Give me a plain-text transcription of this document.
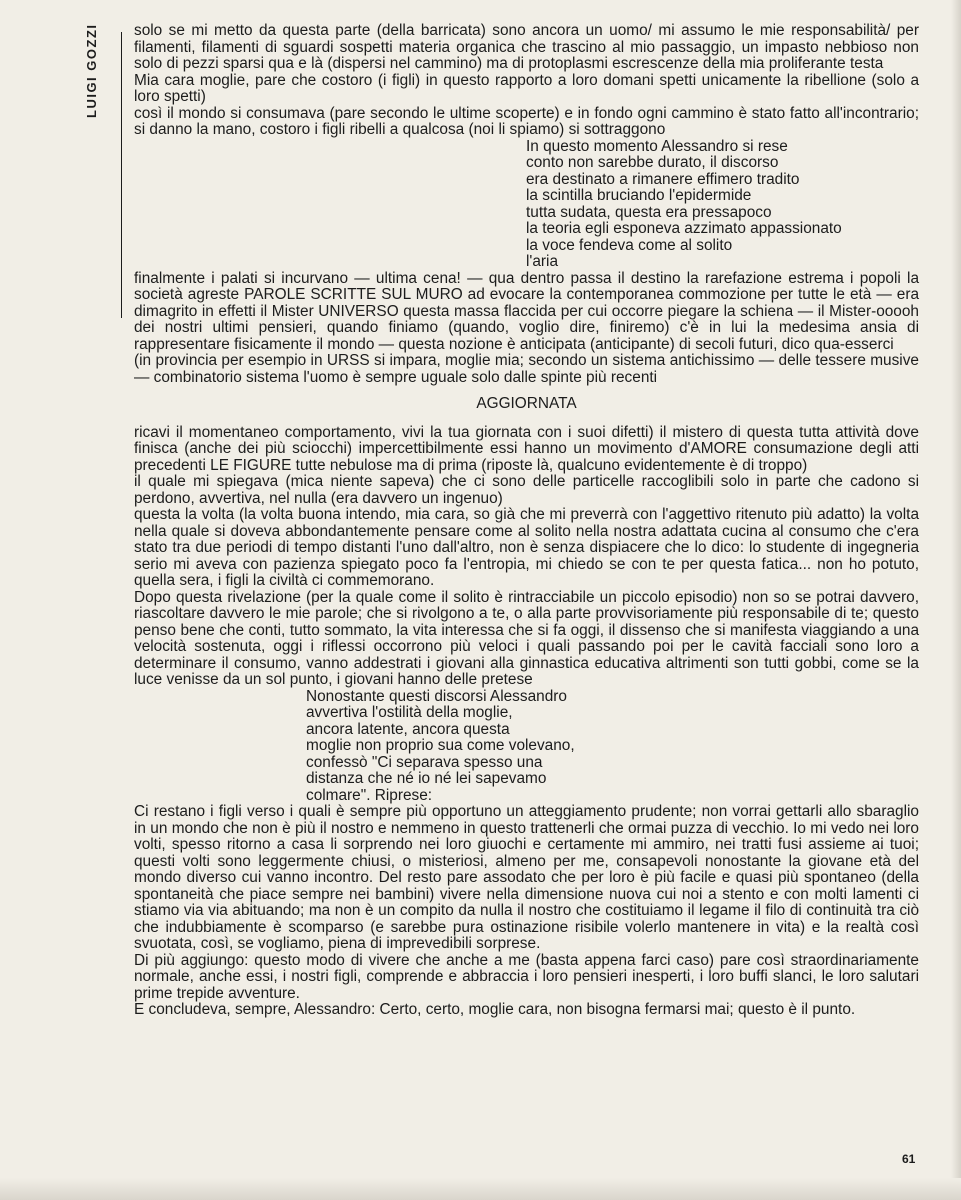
LUIGI GOZZI solo se mi metto da questa parte (della barricata) sono ancora un uomo/ mi assumo le mie responsabilità/ per filamenti, filamenti di sguardi sospetti materia organica che trascino al mio passaggio, un impasto nebbioso non solo di pezzi sparsi qua e là (dispersi nel cammino) ma di protoplasmi escrescenze della mia proliferante testa

Mia cara moglie, pare che costoro (i figli) in questo rapporto a loro domani spetti unicamente la ribellione (solo a loro spetti)

così il mondo si consumava (pare secondo le ultime scoperte) e in fondo ogni cammino è stato fatto all'incontrario; si danno la mano, costoro i figli ribelli a qualcosa (noi li spiamo) si sottraggono

In questo momento Alessandro si rese

conto non sarebbe durato, il discorso

era destinato a rimanere effimero tradito

la scintilla bruciando l'epidermide

tutta sudata, questa era pressapoco

la teoria egli esponeva azzimato appassionato

la voce fendeva come al solito

l'aria

finalmente i palati si incurvano — ultima cena! — qua dentro passa il destino la rarefazione estrema i popoli la società agreste PAROLE SCRITTE SUL MURO ad evocare la contemporanea commozione per tutte le età — era dimagrito in effetti il Mister UNIVERSO questa massa flaccida per cui occorre piegare la schiena — il Mister-ooooh dei nostri ultimi pensieri, quando finiamo (quando, voglio dire, finiremo) c'è in lui la medesima ansia di rappresentare fisicamente il mondo — questa nozione è anticipata (anticipante) di secoli futuri, dico qua-esserci

(in provincia per esempio in URSS si impara, moglie mia; secondo un sistema antichissimo — delle tessere musive — combinatorio sistema l'uomo è sempre uguale solo dalle spinte più recenti

AGGIORNATA

ricavi il momentaneo comportamento, vivi la tua giornata con i suoi difetti) il mistero di questa tutta attività dove finisca (anche dei più sciocchi) impercettibilmente essi hanno un movimento d'AMORE consumazione degli atti precedenti LE FIGURE tutte nebulose ma di prima (riposte là, qualcuno evidentemente è di troppo)

il quale mi spiegava (mica niente sapeva) che ci sono delle particelle raccoglibili solo in parte che cadono si perdono, avvertiva, nel nulla (era davvero un ingenuo)

questa la volta (la volta buona intendo, mia cara, so già che mi preverrà con l'aggettivo ritenuto più adatto) la volta nella quale si doveva abbondantemente pensare come al solito nella nostra adattata cucina al consumo che c'era stato tra due periodi di tempo distanti l'uno dall'altro, non è senza dispiacere che lo dico: lo studente di ingegneria serio mi aveva con pazienza spiegato poco fa l'entropia, mi chiedo se con te per questa fatica... non ho potuto, quella sera, i figli la civiltà ci commemorano.

Dopo questa rivelazione (per la quale come il solito è rintracciabile un piccolo episodio) non so se potrai davvero, riascoltare davvero le mie parole; che si rivolgono a te, o alla parte provvisoriamente più responsabile di te; questo penso bene che conti, tutto sommato, la vita interessa che si fa oggi, il dissenso che si manifesta viaggiando a una velocità sostenuta, oggi i riflessi occorrono più veloci i quali passando poi per le cavità facciali sono loro a determinare il consumo, vanno addestrati i giovani alla ginnastica educativa altrimenti son tutti gobbi, come se la luce venisse da un sol punto, i giovani hanno delle pretese

Nonostante questi discorsi Alessandro

avvertiva l'ostilità della moglie,

ancora latente, ancora questa

moglie non proprio sua come volevano,

confessò "Ci separava spesso una

distanza che né io né lei sapevamo

colmare". Riprese:

Ci restano i figli verso i quali è sempre più opportuno un atteggiamento prudente; non vorrai gettarli allo sbaraglio in un mondo che non è più il nostro e nemmeno in questo trattenerli che ormai puzza di vecchio. Io mi vedo nei loro volti, spesso ritorno a casa li sorprendo nei loro giuochi e certamente mi ammiro, nei tratti fusi assieme ai tuoi; questi volti sono leggermente chiusi, o misteriosi, almeno per me, consapevoli nonostante la giovane età del mondo diverso cui vanno incontro. Del resto pare assodato che per loro è più facile e quasi più spontaneo (della spontaneità che piace sempre nei bambini) vivere nella dimensione nuova cui noi a stento e con molti lamenti ci stiamo via via abituando; ma non è un compito da nulla il nostro che costituiamo il legame il filo di continuità tra ciò che indubbiamente è scomparso (e sarebbe pura ostinazione risibile volerlo mantenere in vita) e la realtà così svuotata, così, se vogliamo, piena di imprevedibili sorprese.

Di più aggiungo: questo modo di vivere che anche a me (basta appena farci caso) pare così straordinariamente normale, anche essi, i nostri figli, comprende e abbraccia i loro pensieri inesperti, i loro buffi slanci, le loro salutari prime trepide avventure.

E concludeva, sempre, Alessandro: Certo, certo, moglie cara, non bisogna fermarsi mai; questo è il punto.

61
